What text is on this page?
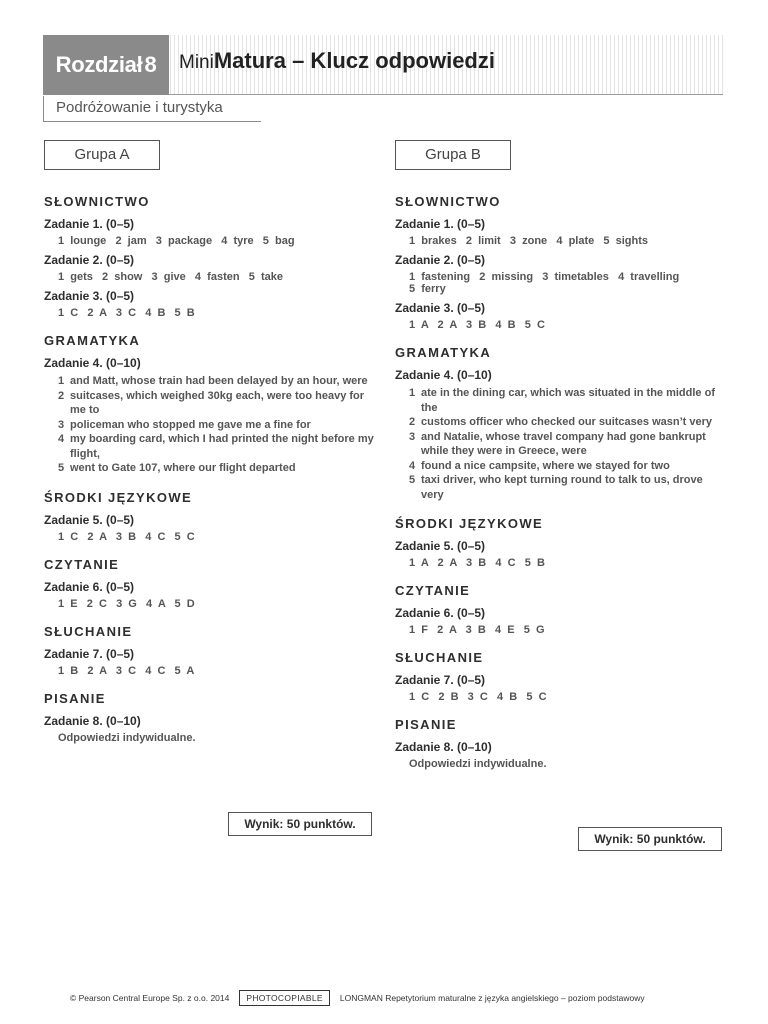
Rozdział 8 MiniMatura – Klucz odpowiedzi
Podróżowanie i turystyka
Grupa A	Grupa B
SŁOWNICTWO
Zadanie 1. (0–5)
1  lounge   2  jam   3  package   4  tyre   5  bag
Zadanie 2. (0–5)
1  gets   2  show   3  give   4  fasten   5  take
Zadanie 3. (0–5)
1  C   2  A   3  C   4  B   5  B
GRAMATYKA
Zadanie 4. (0–10)
1 and Matt, whose train had been delayed by an hour, were
2 suitcases, which weighed 30kg each, were too heavy for me to
3 policeman who stopped me gave me a fine for
4 my boarding card, which I had printed the night before my flight,
5 went to Gate 107, where our flight departed
ŚRODKI JĘZYKOWE
Zadanie 5. (0–5)
1  C   2  A   3  B   4  C   5  C
CZYTANIE
Zadanie 6. (0–5)
1  E   2  C   3  G   4  A   5  D
SŁUCHANIE
Zadanie 7. (0–5)
1  B   2  A   3  C   4  C   5  A
PISANIE
Zadanie 8. (0–10)
Odpowiedzi indywidualne.
Wynik: 50 punktów.
SŁOWNICTWO
Zadanie 1. (0–5)
1  brakes   2  limit   3  zone   4  plate   5  sights
Zadanie 2. (0–5)
1  fastening   2  missing   3  timetables   4  travelling
5  ferry
Zadanie 3. (0–5)
1  A   2  A   3  B   4  B   5  C
GRAMATYKA
Zadanie 4. (0–10)
1 ate in the dining car, which was situated in the middle of the
2 customs officer who checked our suitcases wasn’t very
3 and Natalie, whose travel company had gone bankrupt while they were in Greece, were
4 found a nice campsite, where we stayed for two
5 taxi driver, who kept turning round to talk to us, drove very
ŚRODKI JĘZYKOWE
Zadanie 5. (0–5)
1  A   2  A   3  B   4  C   5  B
CZYTANIE
Zadanie 6. (0–5)
1  F   2  A   3  B   4  E   5  G
SŁUCHANIE
Zadanie 7. (0–5)
1  C   2  B   3  C   4  B   5  C
PISANIE
Zadanie 8. (0–10)
Odpowiedzi indywidualne.
Wynik: 50 punktów.
© Pearson Central Europe Sp. z o.o. 2014	PHOTOCOPIABLE	LONGMAN Repetytorium maturalne z języka angielskiego – poziom podstawowy
